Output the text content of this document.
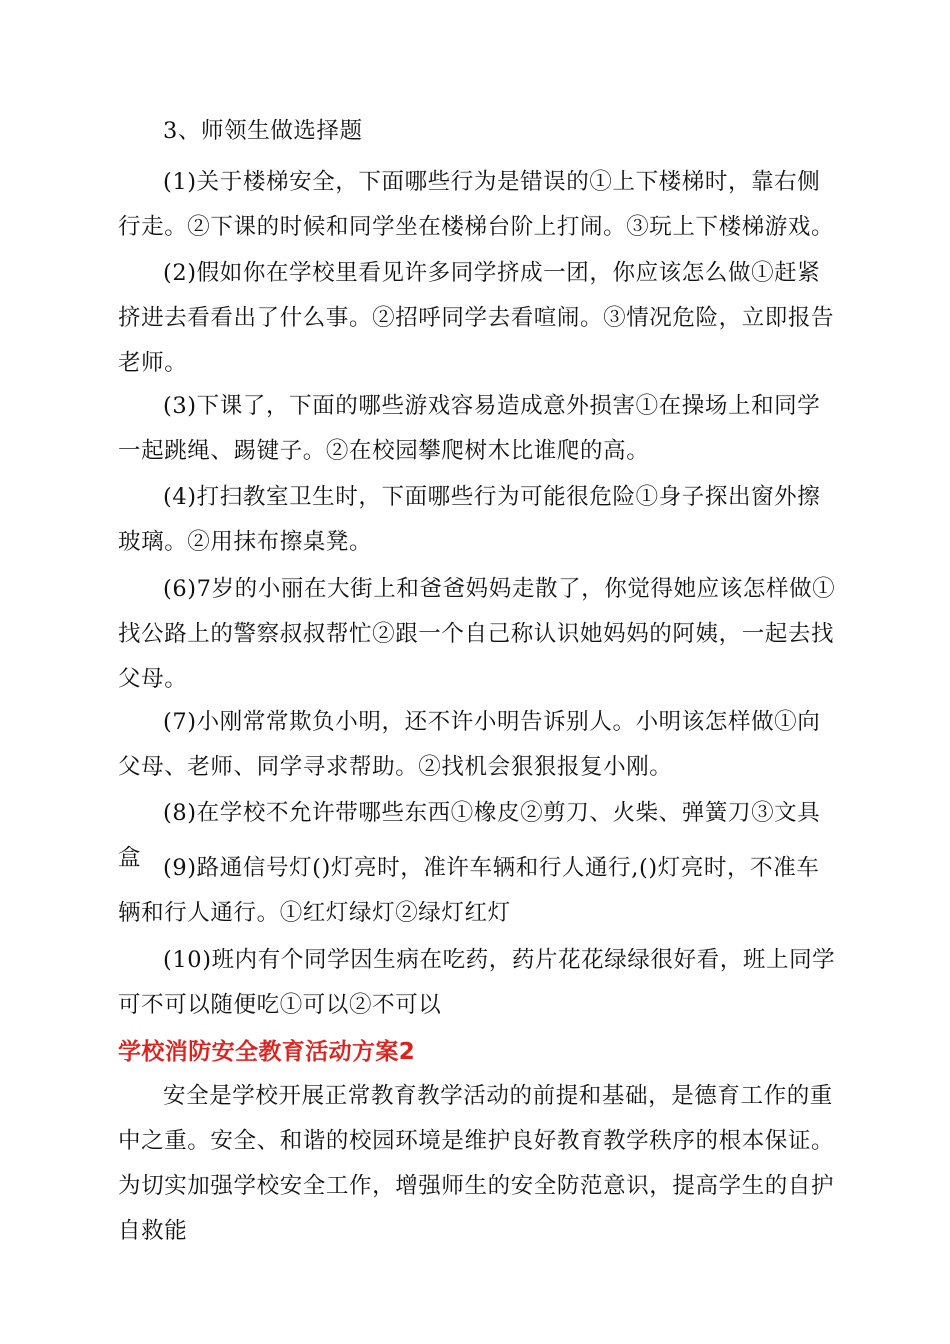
3、师领生做选择题
(1)关于楼梯安全，下面哪些行为是错误的①上下楼梯时，靠右侧行走。②下课的时候和同学坐在楼梯台阶上打闹。③玩上下楼梯游戏。
(2)假如你在学校里看见许多同学挤成一团，你应该怎么做①赶紧挤进去看看出了什么事。②招呼同学去看喧闹。③情况危险，立即报告老师。
(3)下课了，下面的哪些游戏容易造成意外损害①在操场上和同学一起跳绳、踢键子。②在校园攀爬树木比谁爬的高。
(4)打扫教室卫生时，下面哪些行为可能很危险①身子探出窗外擦玻璃。②用抹布擦桌凳。
(6)7岁的小丽在大街上和爸爸妈妈走散了，你觉得她应该怎样做①找公路上的警察叔叔帮忙②跟一个自己称认识她妈妈的阿姨，一起去找父母。
(7)小刚常常欺负小明，还不许小明告诉别人。小明该怎样做①向父母、老师、同学寻求帮助。②找机会狠狠报复小刚。
(8)在学校不允许带哪些东西①橡皮②剪刀、火柴、弹簧刀③文具盒 (9)路通信号灯()灯亮时，准许车辆和行人通行,()灯亮时，不准车辆和行人通行。①红灯绿灯②绿灯红灯
(10)班内有个同学因生病在吃药，药片花花绿绿很好看，班上同学可不可以随便吃①可以②不可以
学校消防安全教育活动方案2
安全是学校开展正常教育教学活动的前提和基础，是德育工作的重中之重。安全、和谐的校园环境是维护良好教育教学秩序的根本保证。为切实加强学校安全工作，增强师生的安全防范意识，提高学生的自护自救能
